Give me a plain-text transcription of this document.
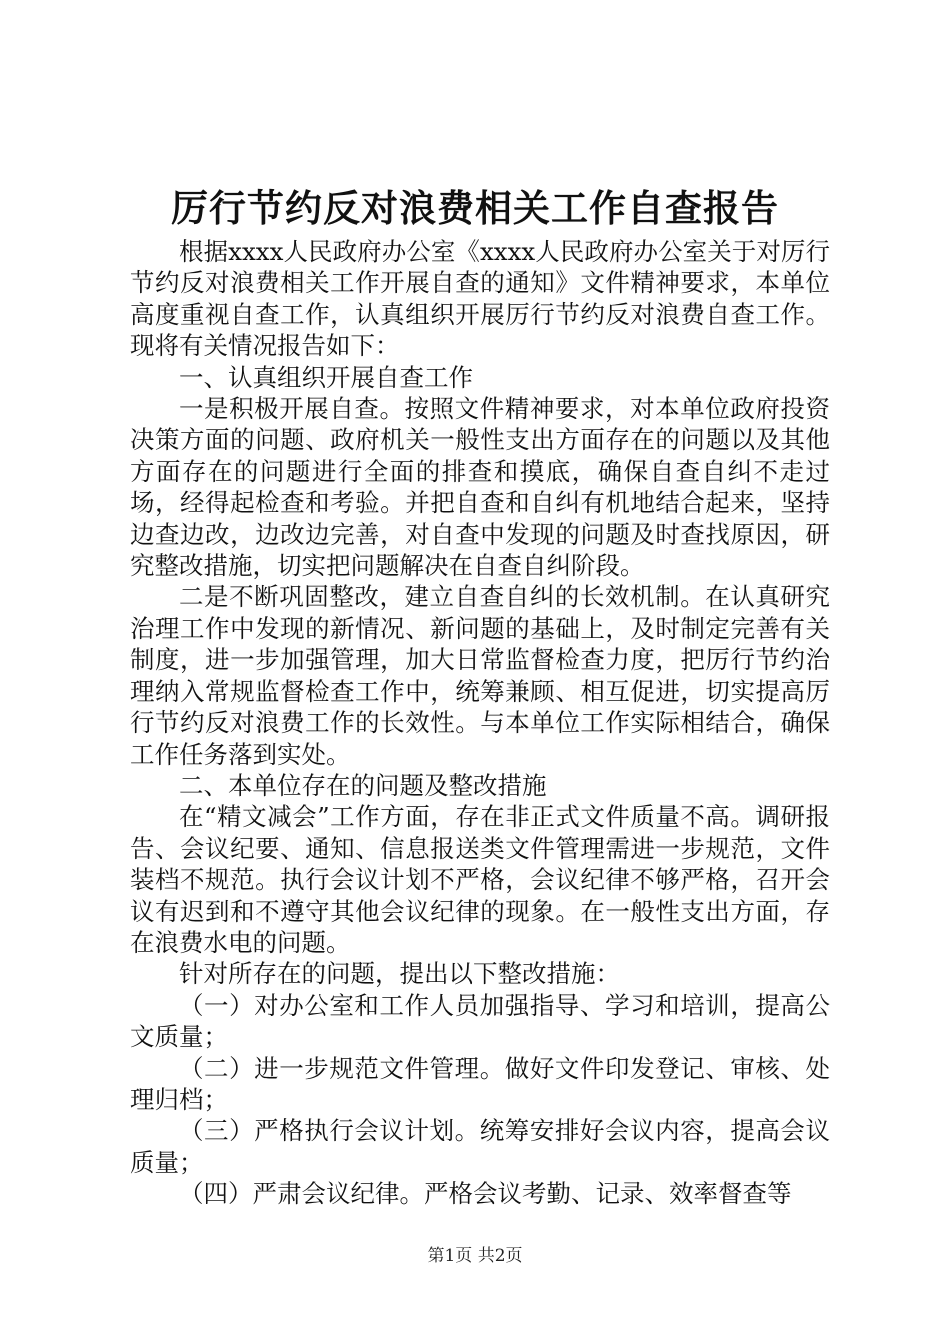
厉行节约反对浪费相关工作自查报告

根据xxxx人民政府办公室《xxxx人民政府办公室关于对厉行节约反对浪费相关工作开展自查的通知》文件精神要求，本单位高度重视自查工作，认真组织开展厉行节约反对浪费自查工作。现将有关情况报告如下：

一、认真组织开展自查工作

一是积极开展自查。按照文件精神要求，对本单位政府投资决策方面的问题、政府机关一般性支出方面存在的问题以及其他方面存在的问题进行全面的排查和摸底，确保自查自纠不走过场，经得起检查和考验。并把自查和自纠有机地结合起来，坚持边查边改，边改边完善，对自查中发现的问题及时查找原因，研究整改措施，切实把问题解决在自查自纠阶段。

二是不断巩固整改，建立自查自纠的长效机制。在认真研究治理工作中发现的新情况、新问题的基础上，及时制定完善有关制度，进一步加强管理，加大日常监督检查力度，把厉行节约治理纳入常规监督检查工作中，统筹兼顾、相互促进，切实提高厉行节约反对浪费工作的长效性。与本单位工作实际相结合，确保工作任务落到实处。

二、本单位存在的问题及整改措施

在“精文减会”工作方面，存在非正式文件质量不高。调研报告、会议纪要、通知、信息报送类文件管理需进一步规范，文件装档不规范。执行会议计划不严格，会议纪律不够严格，召开会议有迟到和不遵守其他会议纪律的现象。在一般性支出方面，存在浪费水电的问题。

针对所存在的问题，提出以下整改措施：

（一）对办公室和工作人员加强指导、学习和培训，提高公文质量；

（二）进一步规范文件管理。做好文件印发登记、审核、处理归档；

（三）严格执行会议计划。统筹安排好会议内容，提高会议质量；

（四）严肃会议纪律。严格会议考勤、记录、效率督查等

第1页 共2页
